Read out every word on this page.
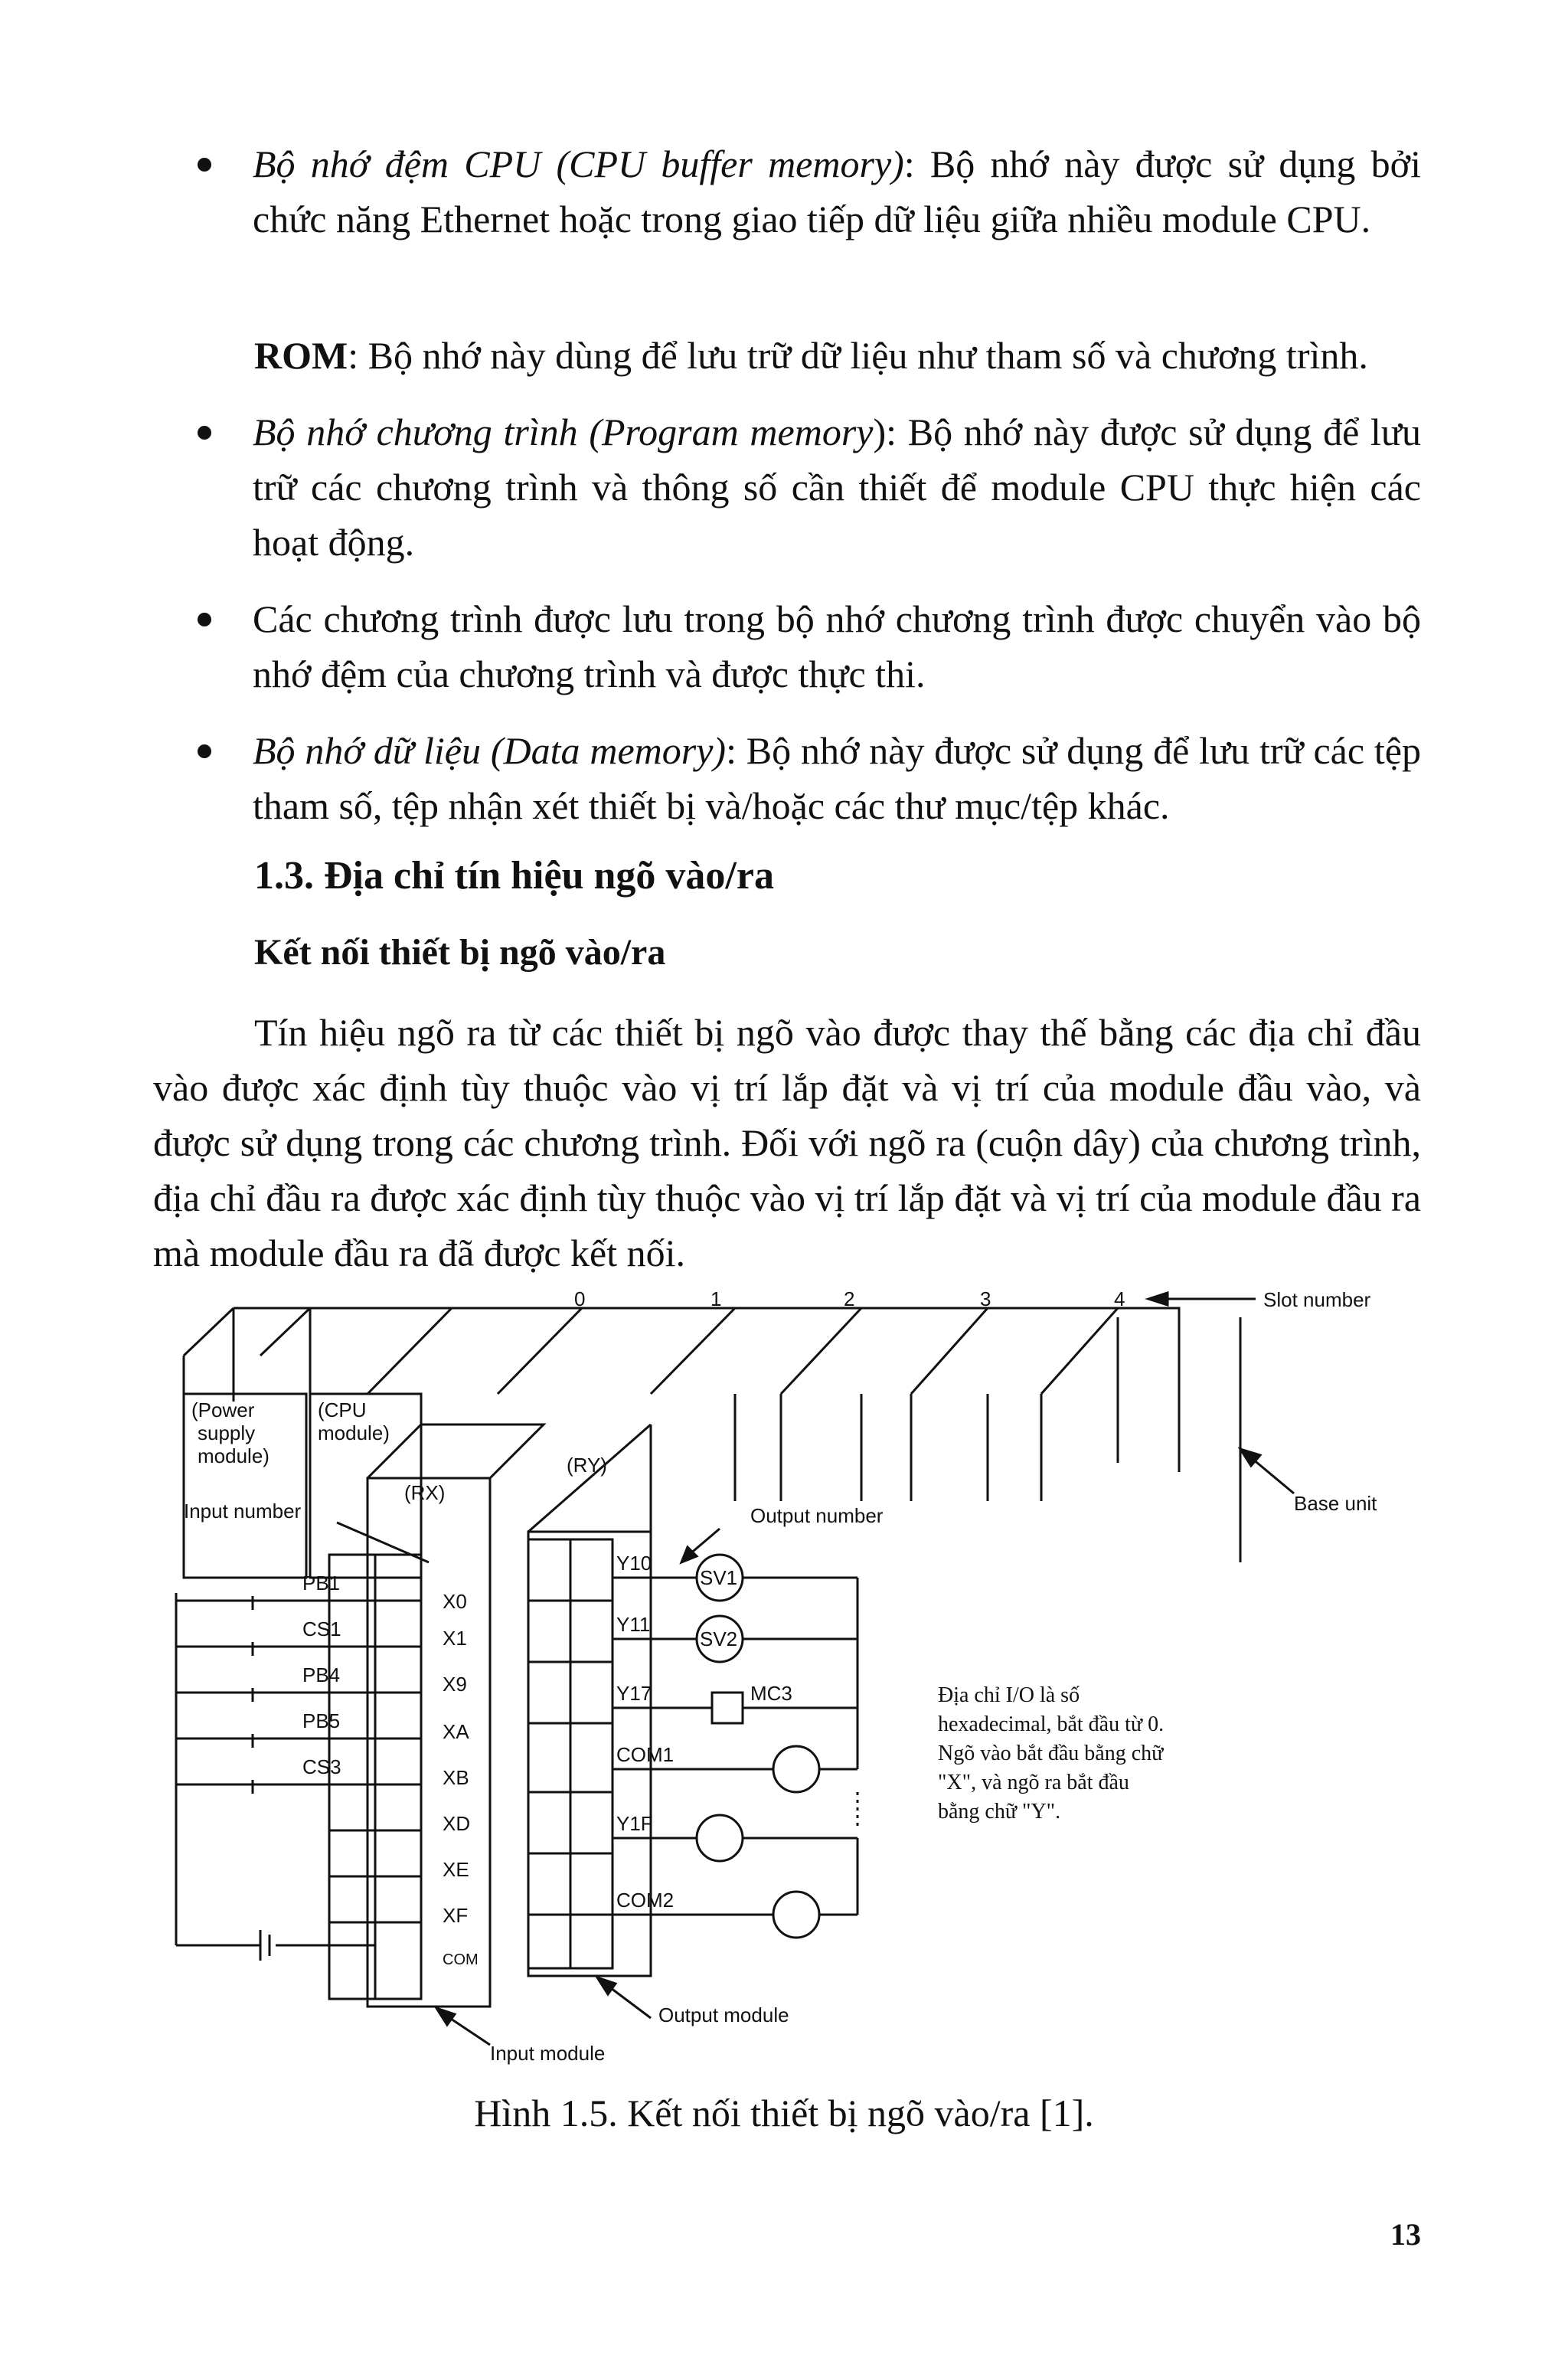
Bộ nhớ đệm CPU (CPU buffer memory): Bộ nhớ này được sử dụng bởi chức năng Ethernet hoặc trong giao tiếp dữ liệu giữa nhiều module CPU.
ROM: Bộ nhớ này dùng để lưu trữ dữ liệu như tham số và chương trình.
Bộ nhớ chương trình (Program memory): Bộ nhớ này được sử dụng để lưu trữ các chương trình và thông số cần thiết để module CPU thực hiện các hoạt động.
Các chương trình được lưu trong bộ nhớ chương trình được chuyển vào bộ nhớ đệm của chương trình và được thực thi.
Bộ nhớ dữ liệu (Data memory): Bộ nhớ này được sử dụng để lưu trữ các tệp tham số, tệp nhận xét thiết bị và/hoặc các thư mục/tệp khác.
1.3. Địa chỉ tín hiệu ngõ vào/ra
Kết nối thiết bị ngõ vào/ra
Tín hiệu ngõ ra từ các thiết bị ngõ vào được thay thế bằng các địa chỉ đầu vào được xác định tùy thuộc vào vị trí lắp đặt và vị trí của module đầu vào, và được sử dụng trong các chương trình. Đối với ngõ ra (cuộn dây) của chương trình, địa chỉ đầu ra được xác định tùy thuộc vào vị trí lắp đặt và vị trí của module đầu ra mà module đầu ra đã được kết nối.
0	1	2	3	4	Slot number
Base unit
(Power
supply
module)
(CPU
module)
(RX)
(RY)
Input number	Output number
PB1
CS1
PB4
PB5
CS3
X0
X1
X9
XA
XB
XD
XE
XF
COM
Y10
Y11
Y17
COM1
Y1F
COM2
SV1
SV2
MC3
Input module
Output module
Địa chỉ I/O là số
hexadecimal, bắt đầu từ 0.
Ngõ vào bắt đầu bằng chữ
"X", và ngõ ra bắt đầu
bằng chữ "Y".
Hình 1.5. Kết nối thiết bị ngõ vào/ra [1].
13
